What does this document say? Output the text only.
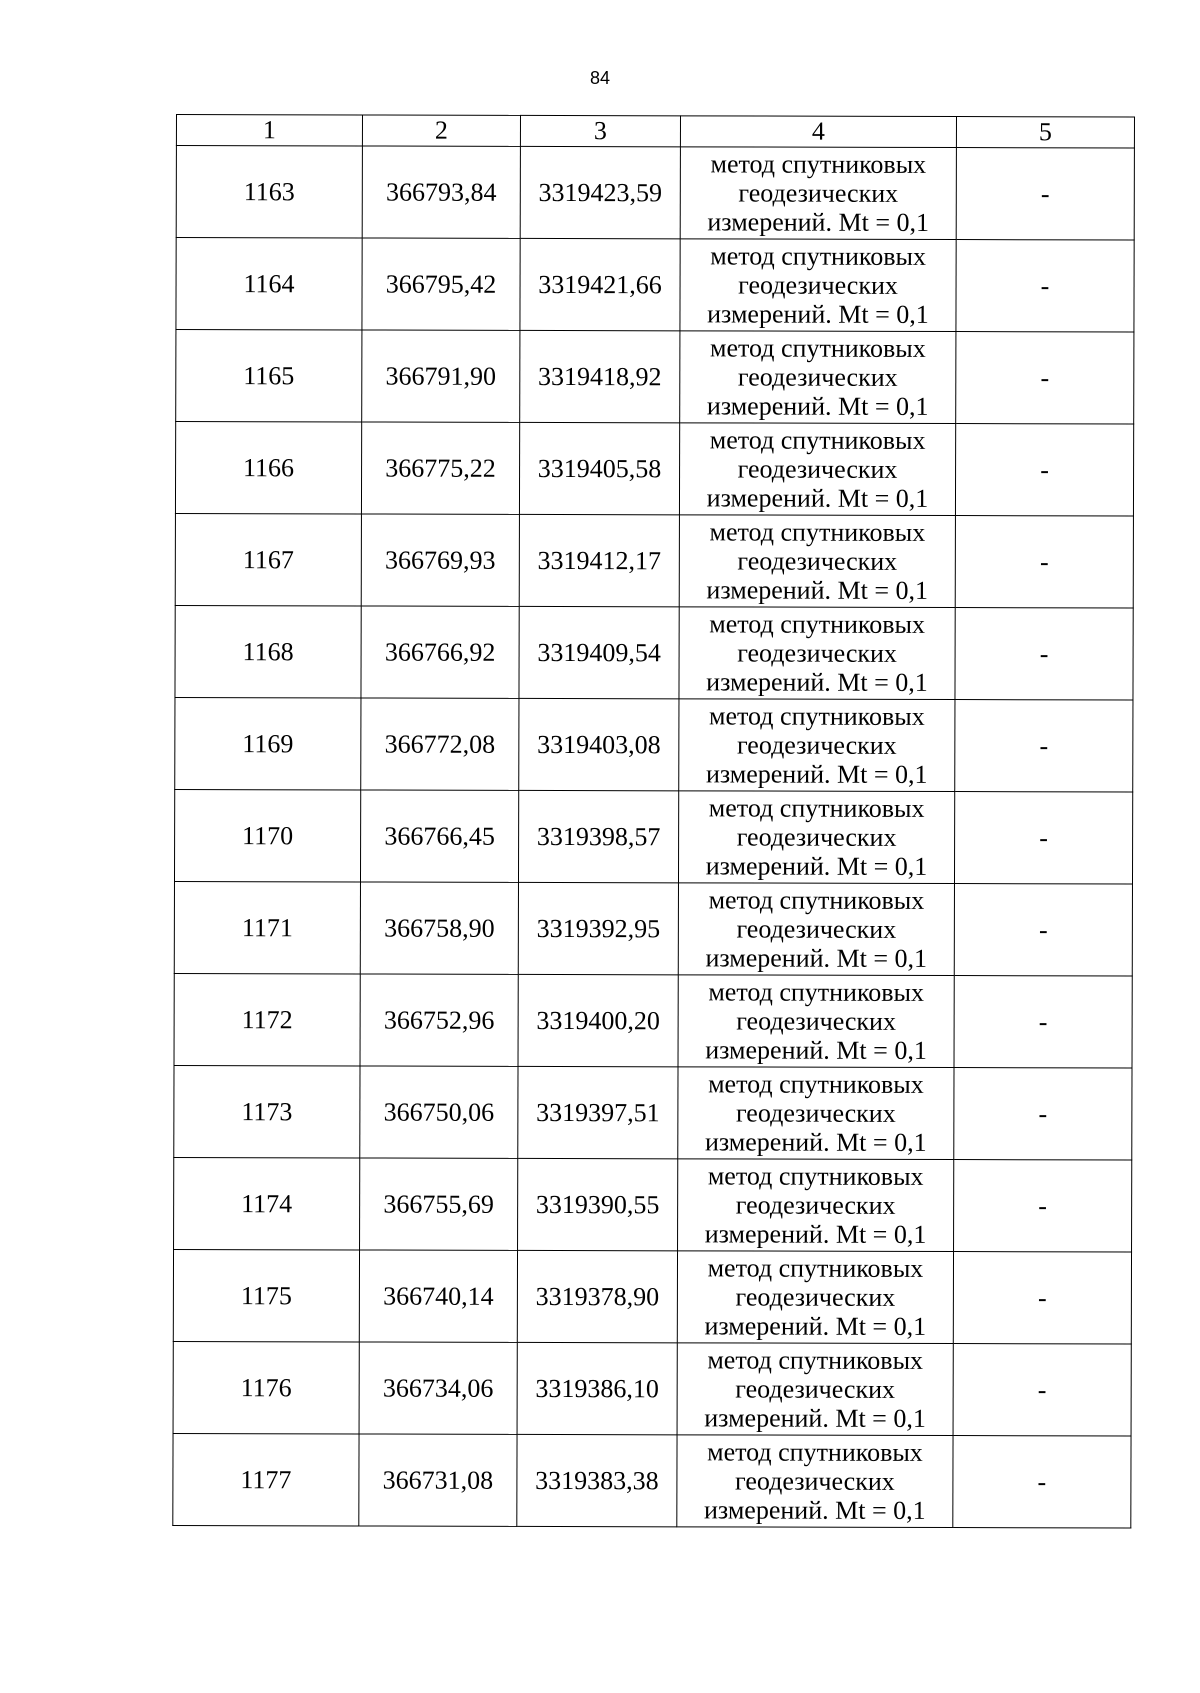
84
1	2	3	4	5
1163	366793,84	3319423,59	метод спутниковых
геодезических
измерений. Mt = 0,1	-
1164	366795,42	3319421,66	метод спутниковых
геодезических
измерений. Mt = 0,1	-
1165	366791,90	3319418,92	метод спутниковых
геодезических
измерений. Mt = 0,1	-
1166	366775,22	3319405,58	метод спутниковых
геодезических
измерений. Mt = 0,1	-
1167	366769,93	3319412,17	метод спутниковых
геодезических
измерений. Mt = 0,1	-
1168	366766,92	3319409,54	метод спутниковых
геодезических
измерений. Mt = 0,1	-
1169	366772,08	3319403,08	метод спутниковых
геодезических
измерений. Mt = 0,1	-
1170	366766,45	3319398,57	метод спутниковых
геодезических
измерений. Mt = 0,1	-
1171	366758,90	3319392,95	метод спутниковых
геодезических
измерений. Mt = 0,1	-
1172	366752,96	3319400,20	метод спутниковых
геодезических
измерений. Mt = 0,1	-
1173	366750,06	3319397,51	метод спутниковых
геодезических
измерений. Mt = 0,1	-
1174	366755,69	3319390,55	метод спутниковых
геодезических
измерений. Mt = 0,1	-
1175	366740,14	3319378,90	метод спутниковых
геодезических
измерений. Mt = 0,1	-
1176	366734,06	3319386,10	метод спутниковых
геодезических
измерений. Mt = 0,1	-
1177	366731,08	3319383,38	метод спутниковых
геодезических
измерений. Mt = 0,1	-
